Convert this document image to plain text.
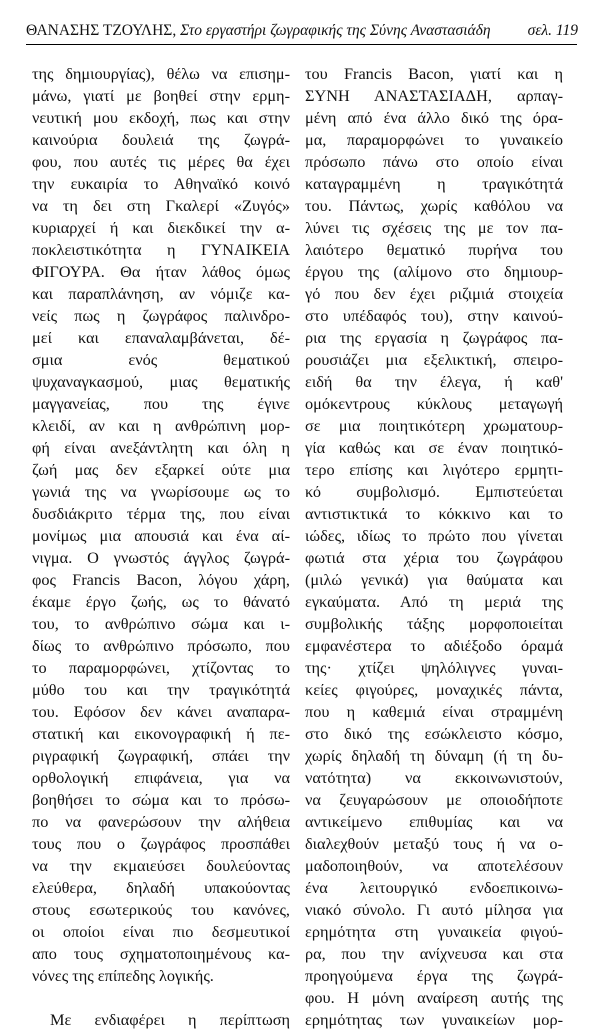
ΘΑΝΑΣΗΣ ΤΖΟΥΛΗΣ, Στο εργαστήρι ζωγραφικής της Σύνης Αναστασιάδη σελ. 119
της δημιουργίας), θέλω να επισημ-
μάνω, γιατί με βοηθεί στην ερμη-
νευτική μου εκδοχή, πως και στην
καινούρια δουλειά της ζωγρά-
φου, που αυτές τις μέρες θα έχει
την ευκαιρία το Αθηναϊκό κοινό
να τη δει στη Γκαλερί «Ζυγός»
κυριαρχεί ή και διεκδικεί την α-
ποκλειστικότητα η ΓΥΝΑΙΚΕΙΑ
ΦΙΓΟΥΡΑ. Θα ήταν λάθος όμως
και παραπλάνηση, αν νόμιζε κα-
νείς πως η ζωγράφος παλινδρο-
μεί και επαναλαμβάνεται, δέ-
σμια ενός θεματικού
ψυχαναγκασμού, μιας θεματικής
μαγγανείας, που της έγινε
κλειδί, αν και η ανθρώπινη μορ-
φή είναι ανεξάντλητη και όλη η
ζωή μας δεν εξαρκεί ούτε μια
γωνιά της να γνωρίσουμε ως το
δυσδιάκριτο τέρμα της, που είναι
μονίμως μια απουσιά και ένα αί-
νιγμα. Ο γνωστός άγγλος ζωγρά-
φος Francis Bacon, λόγου χάρη,
έκαμε έργο ζωής, ως το θάνατό
του, το ανθρώπινο σώμα και ι-
δίως το ανθρώπινο πρόσωπο, που
το παραμορφώνει, χτίζοντας το
μύθο του και την τραγικότητά
του. Εφόσον δεν κάνει αναπαρα-
στατική και εικονογραφική ή πε-
ριγραφική ζωγραφική, σπάει την
ορθολογική επιφάνεια, για να
βοηθήσει το σώμα και το πρόσω-
πο να φανερώσουν την αλήθεια
τους που ο ζωγράφος προσπάθει
να την εκμαιεύσει δουλεύοντας
ελεύθερα, δηλαδή υπακούοντας
στους εσωτερικούς του κανόνες,
οι οποίοι είναι πιο δεσμευτικοί
απο τους σχηματοποιημένους κα-
νόνες της επίπεδης λογικής.
Με ενδιαφέρει η περίπτωση
του Francis Bacon, γιατί και η
ΣΥΝΗ ΑΝΑΣΤΑΣΙΑΔΗ, αρπαγ-
μένη από ένα άλλο δικό της όρα-
μα, παραμορφώνει το γυναικείο
πρόσωπο πάνω στο οποίο είναι
καταγραμμένη η τραγικότητά
του. Πάντως, χωρίς καθόλου να
λύνει τις σχέσεις της με τον πα-
λαιότερο θεματικό πυρήνα του
έργου της (αλίμονο στο δημιουρ-
γό που δεν έχει ριζιμιά στοιχεία
στο υπέδαφός του), στην καινού-
ρια της εργασία η ζωγράφος πα-
ρουσιάζει μια εξελικτική, σπειρο-
ειδή θα την έλεγα, ή καθ'
ομόκεντρους κύκλους μεταγωγή
σε μια ποιητικότερη χρωματουρ-
γία καθώς και σε έναν ποιητικό-
τερο επίσης και λιγότερο ερμητι-
κό συμβολισμό. Εμπιστεύεται
αντιστικτικά το κόκκινο και το
ιώδες, ιδίως το πρώτο που γίνεται
φωτιά στα χέρια του ζωγράφου
(μιλώ γενικά) για θαύματα και
εγκαύματα. Από τη μεριά της
συμβολικής τάξης μορφοποιείται
εμφανέστερα το αδιέξοδο όραμά
της· χτίζει ψηλόλιγνες γυναι-
κείες φιγούρες, μοναχικές πάντα,
που η καθεμιά είναι στραμμένη
στο δικό της εσώκλειστο κόσμο,
χωρίς δηλαδή τη δύναμη (ή τη δυ-
νατότητα) να εκκοινωνιστούν,
να ζευγαρώσουν με οποιοδήποτε
αντικείμενο επιθυμίας και να
διαλεχθούν μεταξύ τους ή να ο-
μαδοποιηθούν, να αποτελέσουν
ένα λειτουργικό ενδοεπικοινω-
νιακό σύνολο. Γι αυτό μίλησα για
ερημότητα στη γυναικεία φιγού-
ρα, που την ανίχνευσα και στα
προηγούμενα έργα της ζωγρά-
φου. Η μόνη αναίρεση αυτής της
ερημότητας των γυναικείων μορ-
